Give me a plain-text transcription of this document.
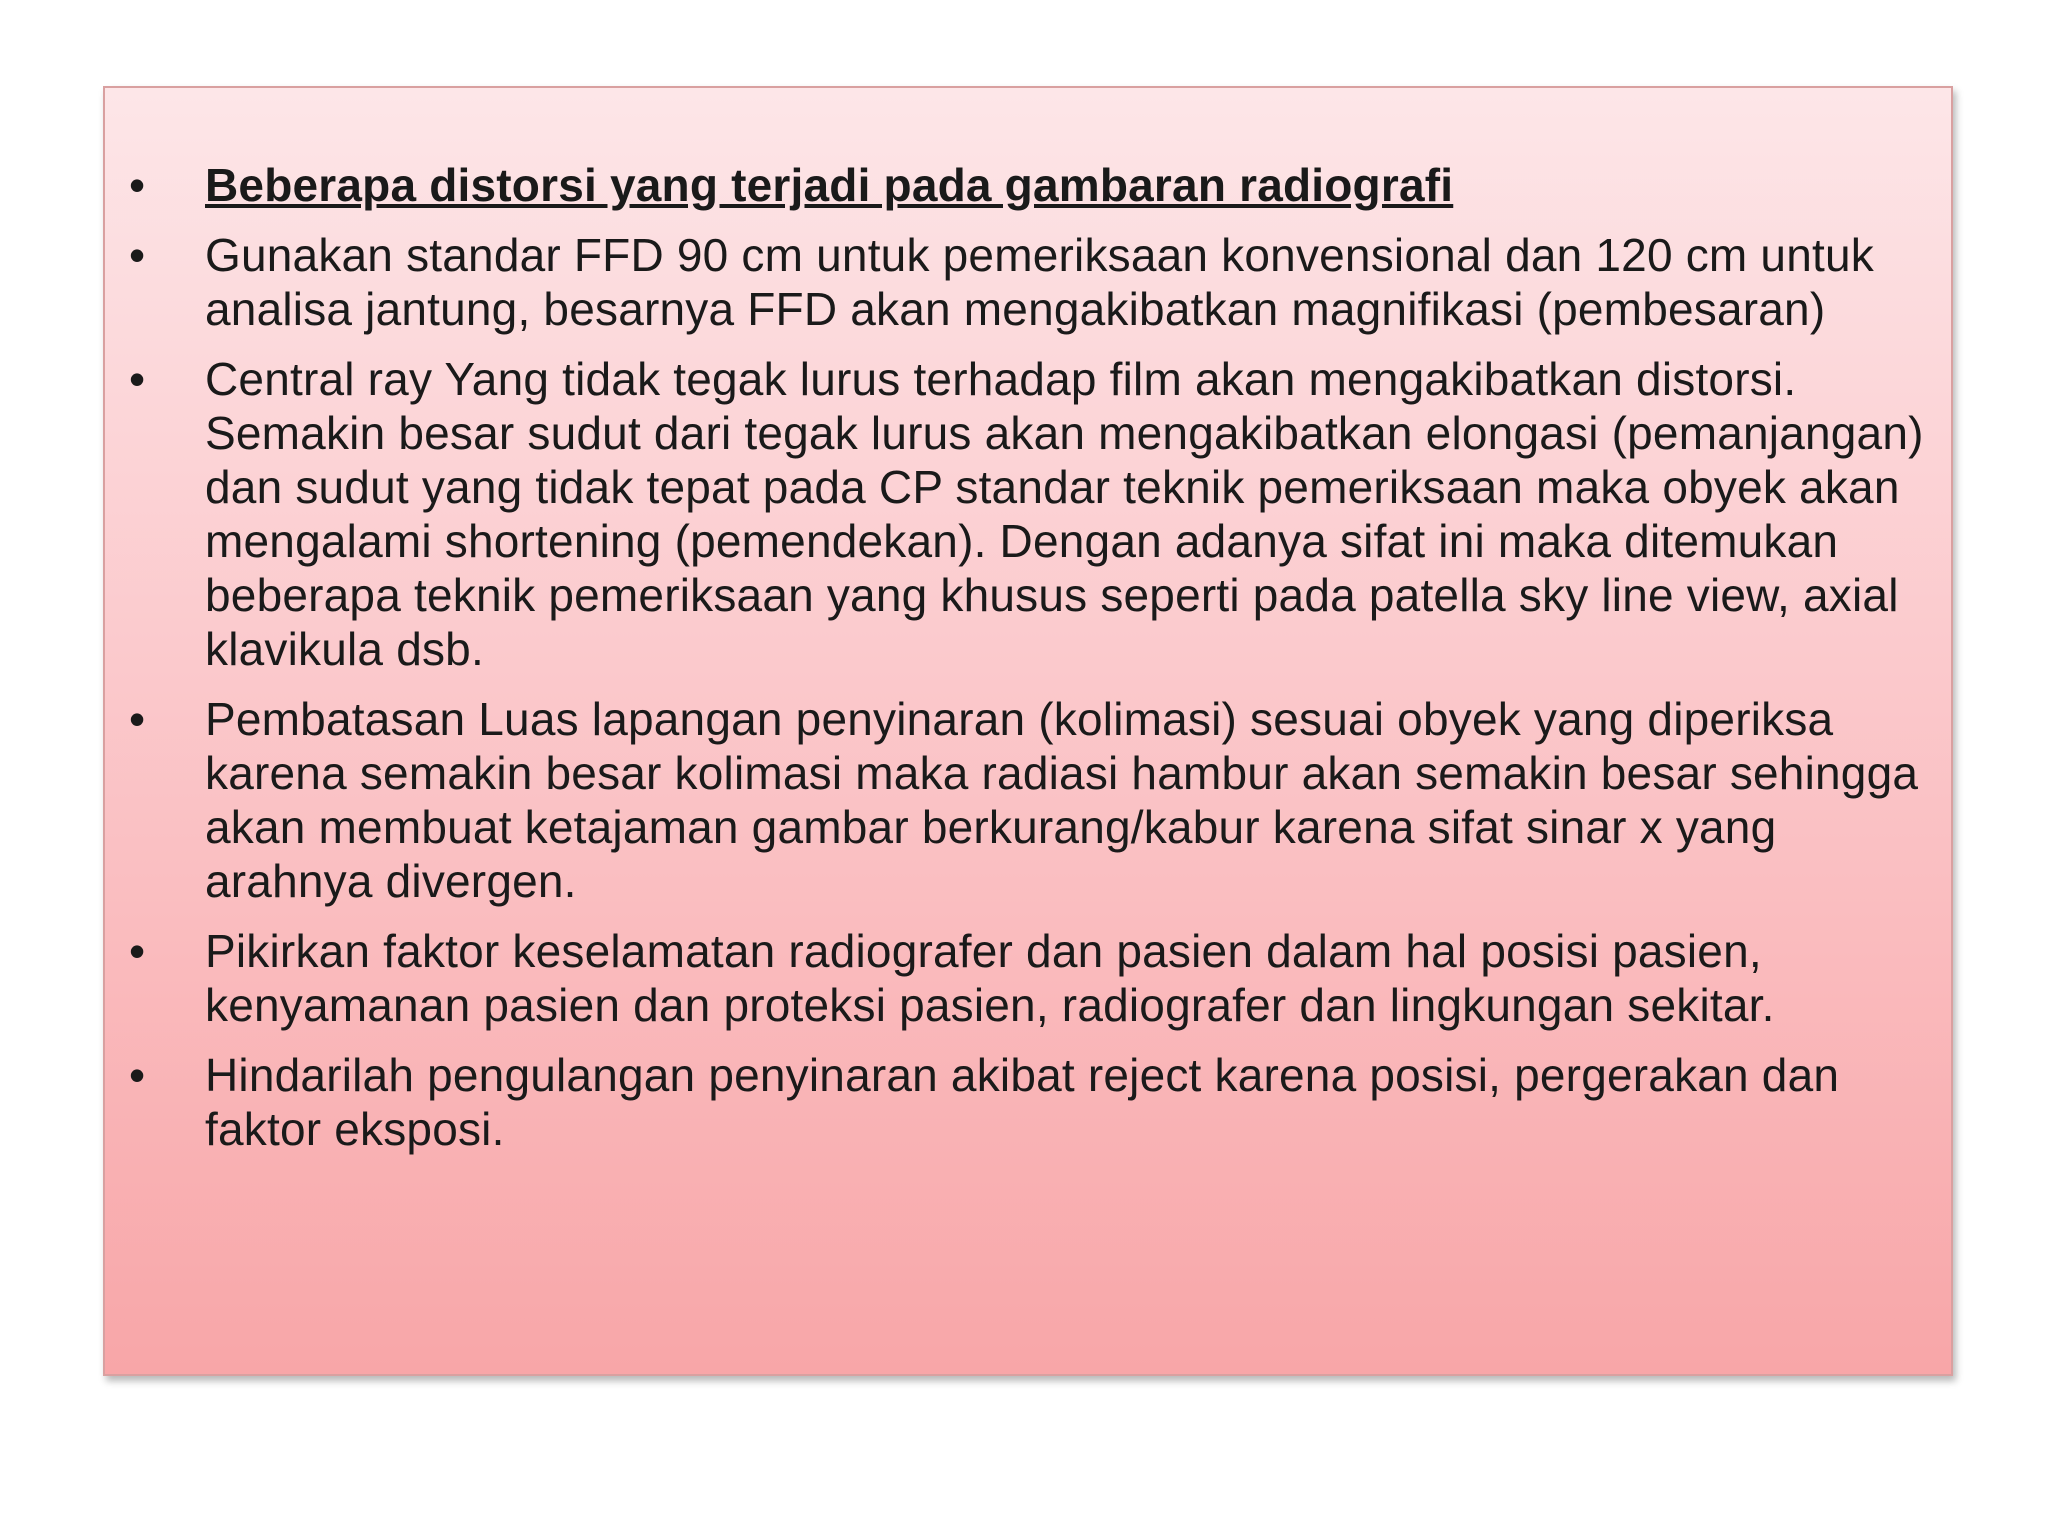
•	Beberapa distorsi yang terjadi pada gambaran radiografi
•	Gunakan standar FFD 90 cm untuk pemeriksaan konvensional dan 120 cm untuk analisa jantung, besarnya FFD akan mengakibatkan magnifikasi (pembesaran)
•	Central ray Yang tidak tegak lurus terhadap film akan mengakibatkan distorsi. Semakin besar sudut dari tegak lurus akan mengakibatkan elongasi (pemanjangan) dan sudut yang tidak tepat pada CP standar teknik pemeriksaan maka obyek akan mengalami shortening (pemendekan). Dengan adanya sifat ini maka ditemukan beberapa teknik pemeriksaan yang khusus seperti pada patella sky line view, axial klavikula dsb.
•	Pembatasan Luas lapangan penyinaran (kolimasi) sesuai obyek yang diperiksa karena semakin besar kolimasi maka radiasi hambur akan semakin besar sehingga akan membuat ketajaman gambar berkurang/kabur karena sifat sinar x yang arahnya divergen.
•	Pikirkan faktor keselamatan radiografer dan pasien dalam hal posisi pasien, kenyamanan pasien dan proteksi pasien, radiografer dan lingkungan sekitar.
•	Hindarilah pengulangan penyinaran akibat reject karena posisi, pergerakan dan faktor eksposi.
